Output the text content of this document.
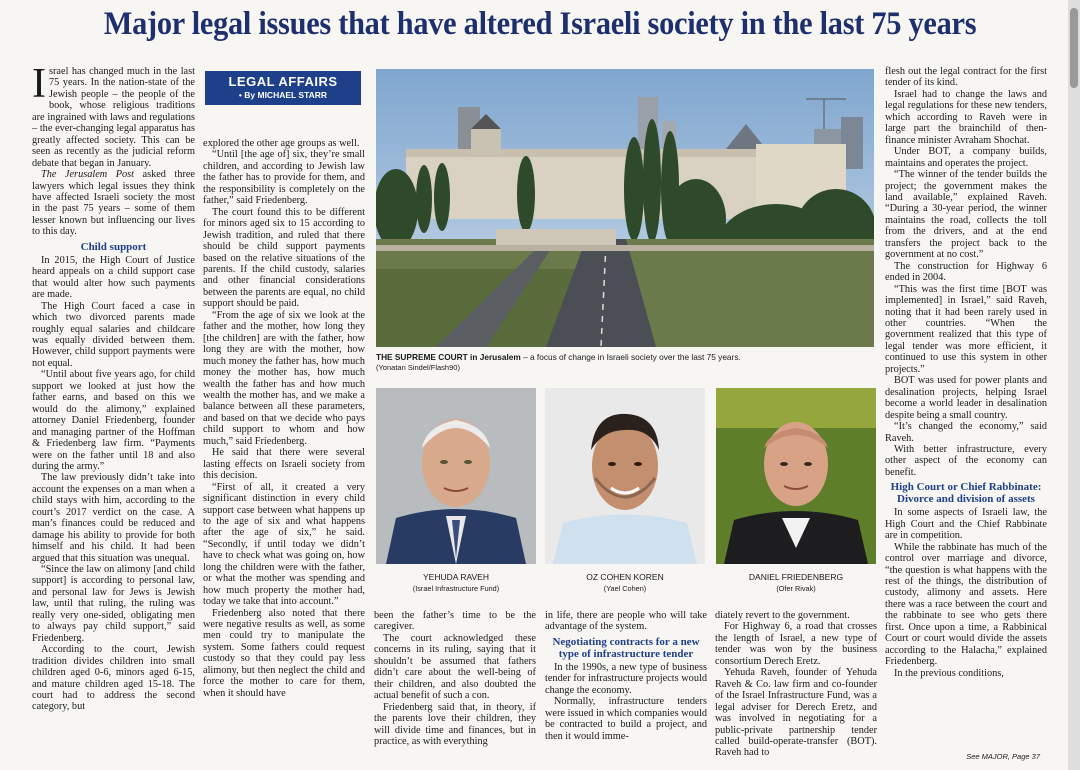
Major legal issues that have altered Israeli society in the last 75 years

Israel has changed much in the last 75 years. In the nation-state of the Jewish people – the people of the book, whose religious traditions are ingrained with laws and regulations – the ever-changing legal apparatus has greatly affected society. This can be seen as recently as the judicial reform debate that began in January.

The Jerusalem Post asked three lawyers which legal issues they think have affected Israeli society the most in the past 75 years – some of them lesser known but influencing our lives to this day.

Child support

In 2015, the High Court of Justice heard appeals on a child support case that would alter how such payments are made.

The High Court faced a case in which two divorced parents made roughly equal salaries and childcare was equally divided between them. However, child support payments were not equal.

“Until about five years ago, for child support we looked at just how the father earns, and based on this we would do the alimony,” explained attorney Daniel Friedenberg, founder and managing partner of the Hoffman & Friedenberg law firm. “Payments were on the father until 18 and also during the army.”

The law previously didn’t take into account the expenses on a man when a child stays with him, according to the court’s 2017 verdict on the case. A man’s finances could be reduced and damage his ability to provide for both himself and his child. It had been argued that this situation was unequal.

“Since the law on alimony [and child support] is according to personal law, and personal law for Jews is Jewish law, until that ruling, the ruling was really very one-sided, obligating men to always pay child support,” said Friedenberg.

According to the court, Jewish tradition divides children into small children aged 0-6, minors aged 6-15, and mature children aged 15-18. The court had to address the second category, but

LEGAL AFFAIRS
• By MICHAEL STARR

explored the other age groups as well.

“Until [the age of] six, they’re small children, and according to Jewish law the father has to provide for them, and the responsibility is completely on the father,” said Friedenberg.

The court found this to be different for minors aged six to 15 according to Jewish tradition, and ruled that there should be child support payments based on the relative situations of the parents. If the child custody, salaries and other financial considerations between the parents are equal, no child support should be paid.

“From the age of six we look at the father and the mother, how long they [the children] are with the father, how long they are with the mother, how much money the father has, how much money the mother has, how much wealth the father has and how much wealth the mother has, and we make a balance between all these parameters, and based on that we decide who pays child support to whom and how much,” said Friedenberg.

He said that there were several lasting effects on Israeli society from this decision.

“First of all, it created a very significant distinction in every child support case between what happens up to the age of six and what happens after the age of six,” he said. “Secondly, if until today we didn’t have to check what was going on, how long the children were with the father, or what the mother was spending and how much property the mother had, today we take that into account.”

Friedenberg also noted that there were negative results as well, as some men could try to manipulate the system. Some fathers could request custody so that they could pay less alimony, but then neglect the child and force the mother to care for them, when it should have

THE SUPREME COURT in Jerusalem – a focus of change in Israeli society over the last 75 years.
(Yonatan Sindel/Flash90)
YEHUDA RAVEH
(Israel Infrastructure Fund)
OZ COHEN KOREN
(Yael Cohen)
DANIEL FRIEDENBERG
(Ofer Rivak)

been the father’s time to be the caregiver.

The court acknowledged these concerns in its ruling, saying that it shouldn’t be assumed that fathers didn’t care about the well-being of their children, and also doubted the actual benefit of such a con.

Friedenberg said that, in theory, if the parents love their children, they will divide time and finances, but in practice, as with everything

in life, there are people who will take advantage of the system.

Negotiating contracts for a new type of infrastructure tender

In the 1990s, a new type of business tender for infrastructure projects would change the economy.

Normally, infrastructure tenders were issued in which companies would be contracted to build a project, and then it would imme-

diately revert to the government.

For Highway 6, a road that crosses the length of Israel, a new type of tender was won by the business consortium Derech Eretz.

Yehuda Raveh, founder of Yehuda Raveh & Co. law firm and co-founder of the Israel Infrastructure Fund, was a legal adviser for Derech Eretz, and was involved in negotiating for a public-private partnership tender called build-operate-transfer (BOT). Raveh had to

flesh out the legal contract for the first tender of its kind.

Israel had to change the laws and legal regulations for these new tenders, which according to Raveh were in large part the brainchild of then-finance minister Avraham Shochat.

Under BOT, a company builds, maintains and operates the project.

“The winner of the tender builds the project; the government makes the land available,” explained Raveh. “During a 30-year period, the winner maintains the road, collects the toll from the drivers, and at the end transfers the project back to the government at no cost.”

The construction for Highway 6 ended in 2004.

“This was the first time [BOT was implemented] in Israel,” said Raveh, noting that it had been rarely used in other countries. “When the government realized that this type of legal tender was more efficient, it continued to use this system in other projects.”

BOT was used for power plants and desalination projects, helping Israel become a world leader in desalination despite being a small country.

“It’s changed the economy,” said Raveh.

With better infrastructure, every other aspect of the economy can benefit.

High Court or Chief Rabbinate: Divorce and division of assets

In some aspects of Israeli law, the High Court and the Chief Rabbinate are in competition.

While the rabbinate has much of the control over marriage and divorce, “the question is what happens with the rest of the things, the distribution of custody, alimony and assets. Here there was a race between the court and the rabbinate to see who gets there first. Once upon a time, a Rabbinical Court or court would divide the assets according to the Halacha,” explained Friedenberg.

In the previous conditions,

See MAJOR, Page 37
